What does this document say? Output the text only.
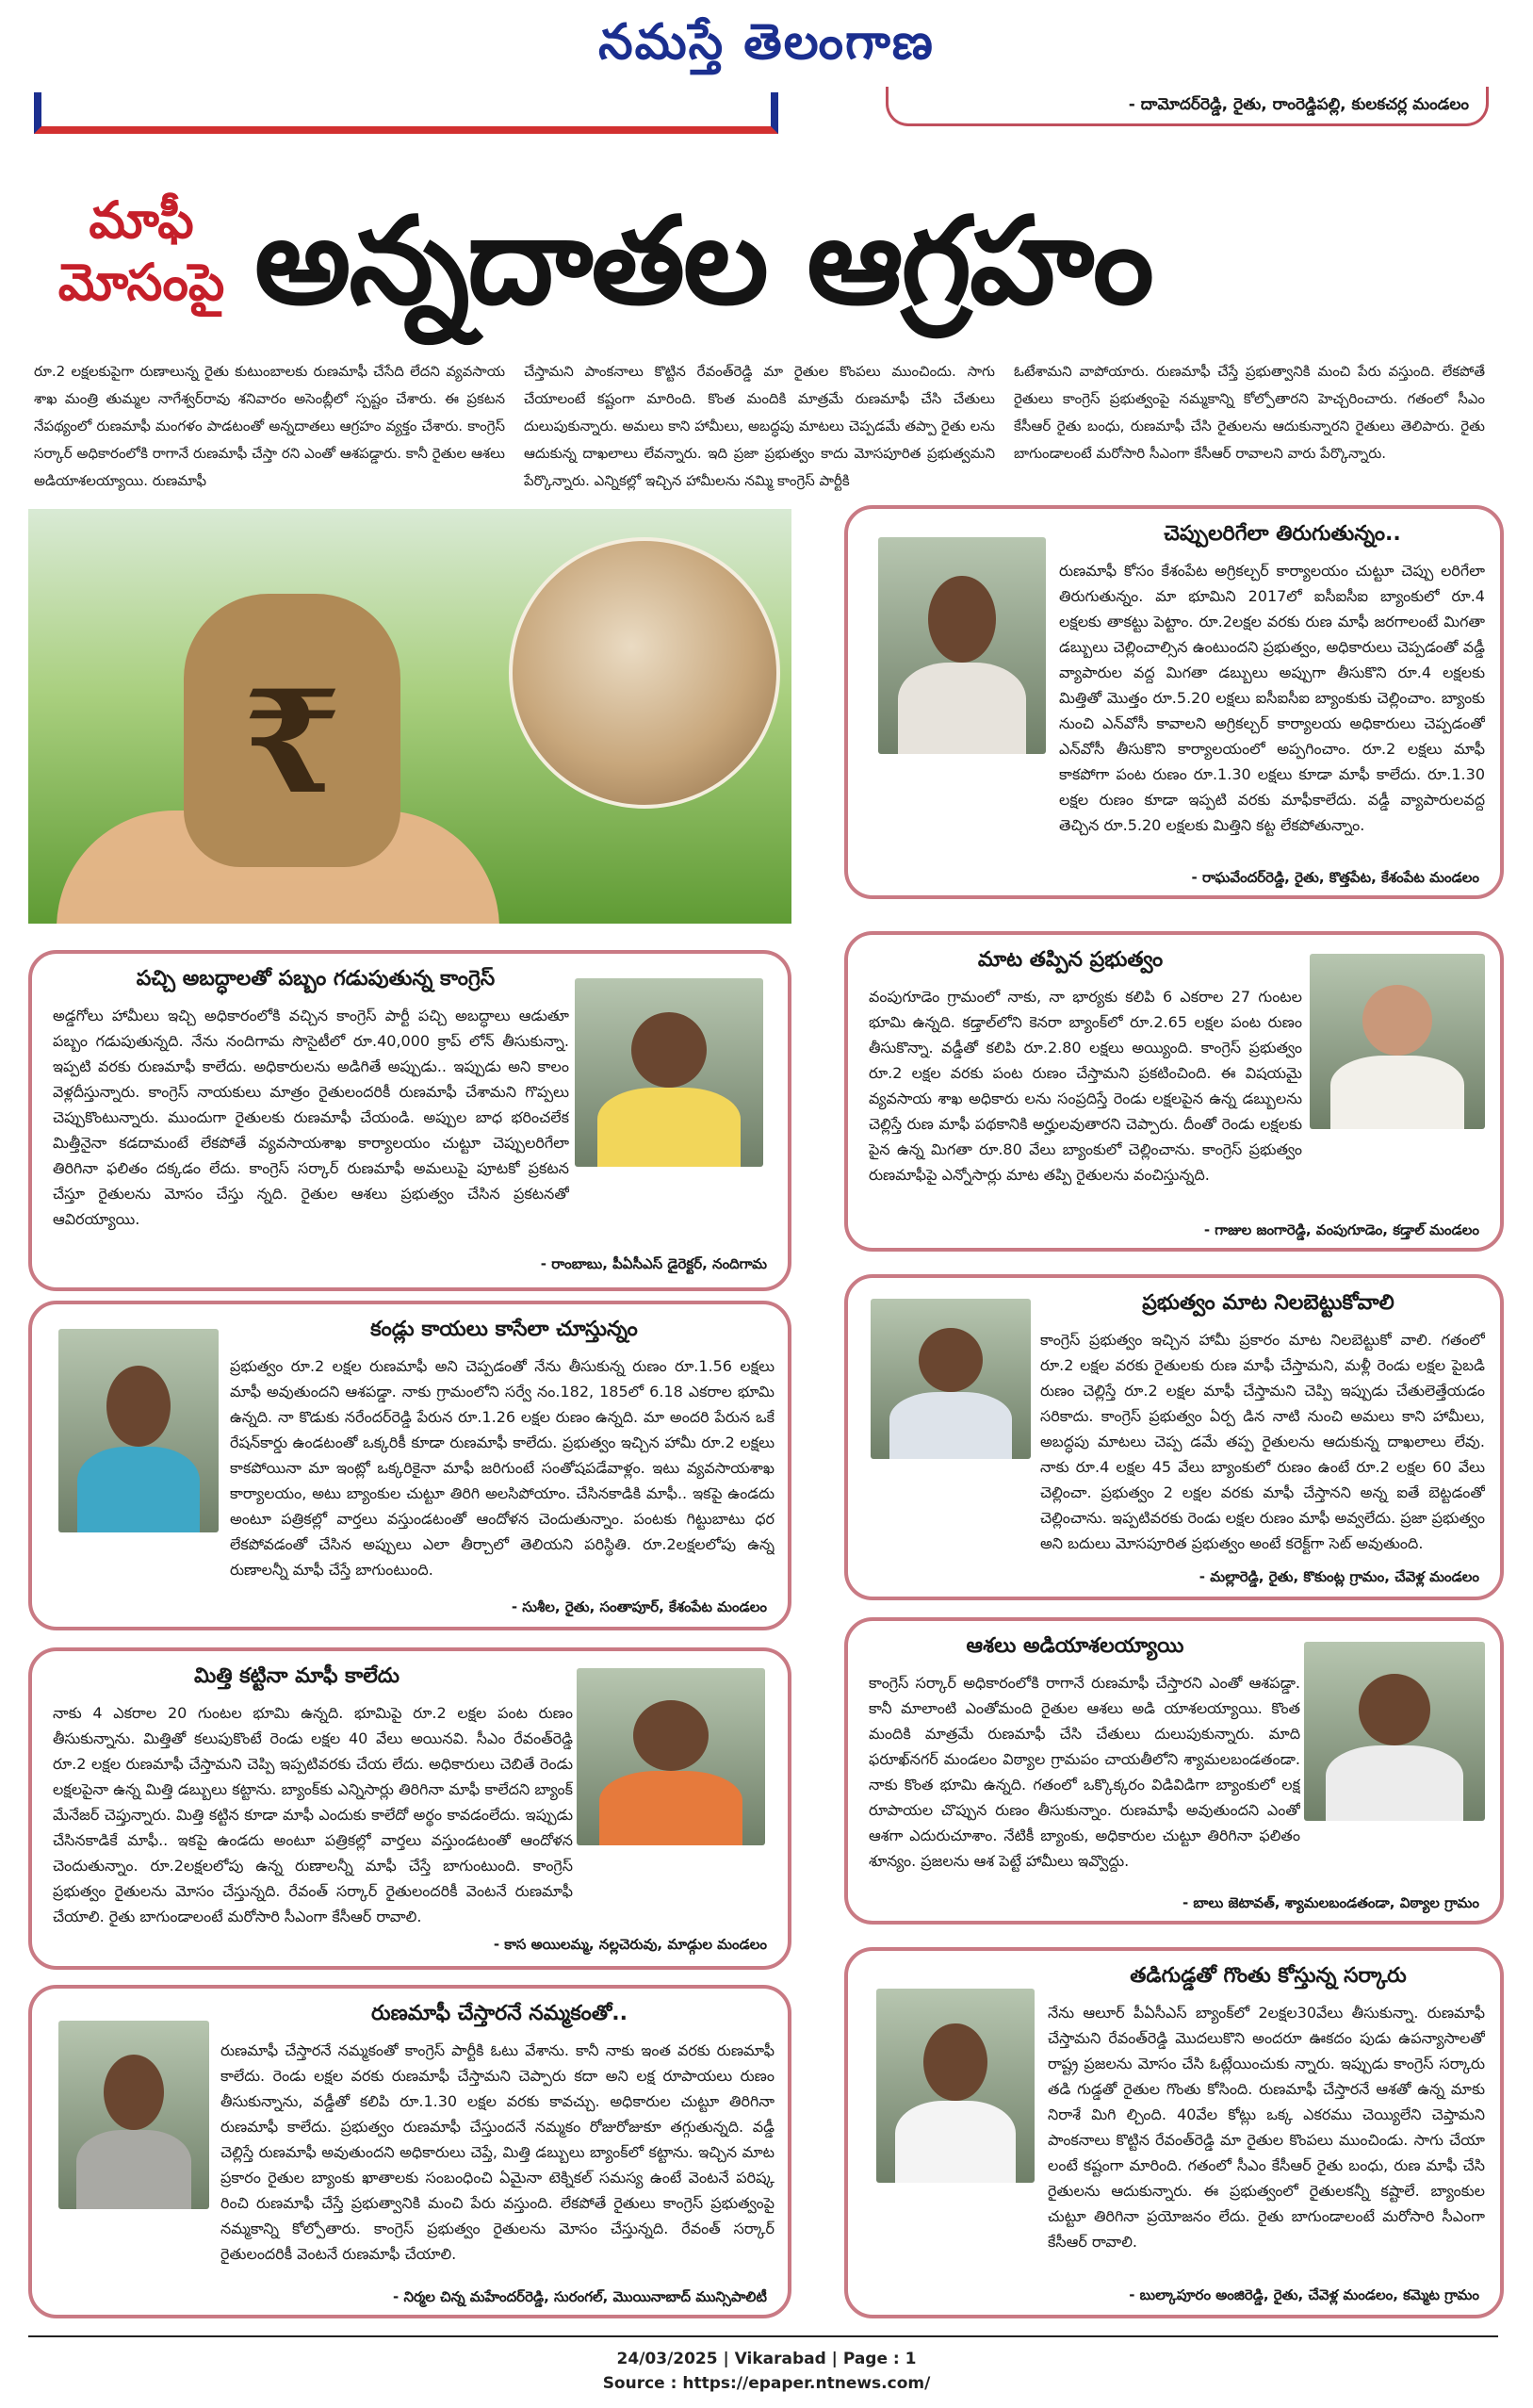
నమస్తే తెలంగాణ
- దామోదర్‌రెడ్డి, రైతు, రాంరెడ్డిపల్లి, కులకచర్ల మండలం
మాఫీ
మోసంపై అన్నదాతల ఆగ్రహం
రూ.2 లక్షలకుపైగా రుణాలున్న రైతు కుటుంబాలకు రుణమాఫీ చేసేది లేదని వ్యవసాయ శాఖ మంత్రి తుమ్మల నాగేశ్వర్‌రావు శనివారం అసెంబ్లీలో స్పష్టం చేశారు. ఈ ప్రకటన నేపథ్యంలో రుణమాఫీ మంగళం పాడటంతో అన్నదాతలు ఆగ్రహం వ్యక్తం చేశారు. కాంగ్రెస్ సర్కార్ అధికారంలోకి రాగానే రుణమాఫీ చేస్తా రని ఎంతో ఆశపడ్డారు. కానీ రైతుల ఆశలు అడియాశలయ్యాయి. రుణమాఫీ
చేస్తామని పాంకనాలు కొట్టిన రేవంత్‌రెడ్డి మా రైతుల కొంపలు ముంచిందు. సాగు చేయాలంటే కష్టంగా మారింది. కొంత మందికి మాత్రమే రుణమాఫీ చేసి చేతులు దులుపుకున్నారు. అమలు కాని హామీలు, అబద్ధపు మాటలు చెప్పడమే తప్పా రైతు లను ఆదుకున్న దాఖలాలు లేవన్నారు. ఇది ప్రజా ప్రభుత్వం కాదు మోసపూరిత ప్రభుత్వమని పేర్కొన్నారు. ఎన్నికల్లో ఇచ్చిన హామీలను నమ్మి కాంగ్రెస్ పార్టీకి
ఓటేశామని వాపోయారు. రుణమాఫీ చేస్తే ప్రభుత్వానికి మంచి పేరు వస్తుంది. లేకపోతే రైతులు కాంగ్రెస్ ప్రభుత్వంపై నమ్మకాన్ని కోల్పోతారని హెచ్చరించారు. గతంలో సీఎం కేసీఆర్ రైతు బంధు, రుణమాఫీ చేసి రైతులను ఆదుకున్నారని రైతులు తెలిపారు. రైతు బాగుండాలంటే మరోసారి సీఎంగా కేసీఆర్ రావాలని వారు పేర్కొన్నారు.
₹
చెప్పులరిగేలా తిరుగుతున్నం..
రుణమాఫీ కోసం కేశంపేట అగ్రికల్చర్ కార్యాలయం చుట్టూ చెప్పు లరిగేలా తిరుగుతున్నం. మా భూమిని 2017లో ఐసీఐసీఐ బ్యాంకులో రూ.4 లక్షలకు తాకట్టు పెట్టాం. రూ.2లక్షల వరకు రుణ మాఫీ జరగాలంటే మిగతా డబ్బులు చెల్లించాల్సిన ఉంటుందని ప్రభుత్వం, అధికారులు చెప్పడంతో వడ్డీ వ్యాపారుల వద్ద మిగతా డబ్బులు అప్పుగా తీసుకొని రూ.4 లక్షలకు మిత్తితో మొత్తం రూ.5.20 లక్షలు ఐసీఐసీఐ బ్యాంకుకు చెల్లించాం. బ్యాంకు నుంచి ఎన్‌వోసీ కావాలని అగ్రికల్చర్ కార్యాలయ అధికారులు చెప్పడంతో ఎన్‌వోసీ తీసుకొని కార్యాలయంలో అప్పగించాం. రూ.2 లక్షలు మాఫీ కాకపోగా పంట రుణం రూ.1.30 లక్షలు కూడా మాఫీ కాలేదు. రూ.1.30 లక్షల రుణం కూడా ఇప్పటి వరకు మాఫీకాలేదు. వడ్డీ వ్యాపారులవద్ద తెచ్చిన రూ.5.20 లక్షలకు మిత్తిని కట్ట లేకపోతున్నాం.
- రాఘవేందర్‌రెడ్డి, రైతు, కొత్తపేట, కేశంపేట మండలం
మాట తప్పిన ప్రభుత్వం
వంపుగూడెం గ్రామంలో నాకు, నా భార్యకు కలిపి 6 ఎకరాల 27 గుంటల భూమి ఉన్నది. కడ్తాల్‌లోని కెనరా బ్యాంక్‌లో రూ.2.65 లక్షల పంట రుణం తీసుకొన్నా. వడ్డీతో కలిపి రూ.2.80 లక్షలు అయ్యింది. కాంగ్రెస్ ప్రభుత్వం రూ.2 లక్షల వరకు పంట రుణం చేస్తామని ప్రకటించింది. ఈ విషయమై వ్యవసాయ శాఖ అధికారు లను సంప్రదిస్తే రెండు లక్షలపైన ఉన్న డబ్బులను చెల్లిస్తే రుణ మాఫీ పథకానికి అర్హులవుతారని చెప్పారు. దీంతో రెండు లక్షలకు పైన ఉన్న మిగతా రూ.80 వేలు బ్యాంకులో చెల్లించాను. కాంగ్రెస్ ప్రభుత్వం రుణమాఫీపై ఎన్నోసార్లు మాట తప్పి రైతులను వంచిస్తున్నది.
- గాజుల జంగారెడ్డి, వంపుగూడెం, కడ్తాల్ మండలం
పచ్చి అబద్ధాలతో పబ్బం గడుపుతున్న కాంగ్రెస్
అడ్డగోలు హామీలు ఇచ్చి అధికారంలోకి వచ్చిన కాంగ్రెస్ పార్టీ పచ్చి అబద్ధాలు ఆడుతూ పబ్బం గడుపుతున్నది. నేను నందిగామ సొసైటీలో రూ.40,000 క్రాప్ లోన్ తీసుకున్నా. ఇప్పటి వరకు రుణమాఫీ కాలేదు. అధికారులను అడిగితే అప్పుడు.. ఇప్పుడు అని కాలం వెళ్లదీస్తున్నారు. కాంగ్రెస్ నాయకులు మాత్రం రైతులందరికీ రుణమాఫీ చేశామని గొప్పలు చెప్పుకొంటున్నారు. ముందుగా రైతులకు రుణమాఫీ చేయండి. అప్పుల బాధ భరించలేక మిత్తీనైనా కడదామంటే లేకపోతే వ్యవసాయశాఖ కార్యాలయం చుట్టూ చెప్పులరిగేలా తిరిగినా ఫలితం దక్కడం లేదు. కాంగ్రెస్ సర్కార్ రుణమాఫీ అమలుపై పూటకో ప్రకటన చేస్తూ రైతులను మోసం చేస్తు న్నది. రైతుల ఆశలు ప్రభుత్వం చేసిన ప్రకటనతో ఆవిరయ్యాయి.
- రాంబాబు, పీఏసీఎస్ డైరెక్టర్, నందిగామ
ప్రభుత్వం మాట నిలబెట్టుకోవాలి
కాంగ్రెస్ ప్రభుత్వం ఇచ్చిన హామీ ప్రకారం మాట నిలబెట్టుకో వాలి. గతంలో రూ.2 లక్షల వరకు రైతులకు రుణ మాఫీ చేస్తామని, మళ్లీ రెండు లక్షల పైబడి రుణం చెల్లిస్తే రూ.2 లక్షల మాఫీ చేస్తామని చెప్పి ఇప్పుడు చేతులెత్తేయడం సరికాదు. కాంగ్రెస్ ప్రభుత్వం ఏర్ప డిన నాటి నుంచి అమలు కాని హామీలు, అబద్ధపు మాటలు చెప్ప డమే తప్ప రైతులను ఆదుకున్న దాఖలాలు లేవు. నాకు రూ.4 లక్షల 45 వేలు బ్యాంకులో రుణం ఉంటే రూ.2 లక్షల 60 వేలు చెల్లించా. ప్రభుత్వం 2 లక్షల వరకు మాఫీ చేస్తానని అన్న ఐతే బెట్టడంతో చెల్లించాను. ఇప్పటివరకు రెండు లక్షల రుణం మాఫీ అవ్వలేదు. ప్రజా ప్రభుత్వం అని బదులు మోసపూరిత ప్రభుత్వం అంటే కరెక్ట్‌గా సెట్ అవుతుంది.
- మల్లారెడ్డి, రైతు, కొకుంట్ల గ్రామం, చేవెళ్ల మండలం
కండ్లు కాయలు కాసేలా చూస్తున్నం
ప్రభుత్వం రూ.2 లక్షల రుణమాఫీ అని చెప్పడంతో నేను తీసుకున్న రుణం రూ.1.56 లక్షలు మాఫీ అవుతుందని ఆశపడ్డా. నాకు గ్రామంలోని సర్వే నం.182, 185లో 6.18 ఎకరాల భూమి ఉన్నది. నా కొడుకు నరేందర్‌రెడ్డి పేరున రూ.1.26 లక్షల రుణం ఉన్నది. మా అందరి పేరున ఒకే రేషన్‌కార్డు ఉండటంతో ఒక్కరికీ కూడా రుణమాఫీ కాలేదు. ప్రభుత్వం ఇచ్చిన హామీ రూ.2 లక్షలు కాకపోయినా మా ఇంట్లో ఒక్కరికైనా మాఫీ జరిగుంటే సంతోషపడేవాళ్లం. ఇటు వ్యవసాయశాఖ కార్యాలయం, అటు బ్యాంకుల చుట్టూ తిరిగి అలసిపోయాం. చేసినకాడికి మాఫీ.. ఇకపై ఉండదు అంటూ పత్రికల్లో వార్తలు వస్తుండటంతో ఆందోళన చెందుతున్నాం. పంటకు గిట్టుబాటు ధర లేకపోవడంతో చేసిన అప్పులు ఎలా తీర్చాలో తెలియని పరిస్థితి. రూ.2లక్షలలోపు ఉన్న రుణాలన్నీ మాఫీ చేస్తే బాగుంటుంది.
- సుశీల, రైతు, సంతాపూర్, కేశంపేట మండలం
ఆశలు అడియాశలయ్యాయి
కాంగ్రెస్ సర్కార్ అధికారంలోకి రాగానే రుణమాఫీ చేస్తారని ఎంతో ఆశపడ్డా. కానీ మాలాంటి ఎంతోమంది రైతుల ఆశలు అడి యాశలయ్యాయి. కొంత మందికి మాత్రమే రుణమాఫీ చేసి చేతులు దులుపుకున్నారు. మాది ఫరూఖ్‌నగర్ మండలం విఠ్యాల గ్రామపం చాయతీలోని శ్యామలబండతండా. నాకు కొంత భూమి ఉన్నది. గతంలో ఒక్కొక్కరం విడివిడిగా బ్యాంకులో లక్ష రూపాయల చొప్పున రుణం తీసుకున్నాం. రుణమాఫీ అవుతుందని ఎంతో ఆశగా ఎదురుచూశాం. నేటికీ బ్యాంకు, అధికారుల చుట్టూ తిరిగినా ఫలితం శూన్యం. ప్రజలను ఆశ పెట్టే హామీలు ఇవ్వొద్దు.
- బాలు జెటావత్, శ్యామలబండతండా, విఠ్యాల గ్రామం
మిత్తి కట్టినా మాఫీ కాలేదు
నాకు 4 ఎకరాల 20 గుంటల భూమి ఉన్నది. భూమిపై రూ.2 లక్షల పంట రుణం తీసుకున్నాను. మిత్తితో కలుపుకొంటే రెండు లక్షల 40 వేలు అయినవి. సీఎం రేవంత్‌రెడ్డి రూ.2 లక్షల రుణమాఫీ చేస్తామని చెప్పి ఇప్పటివరకు చేయ లేదు. అధికారులు చెబితే రెండు లక్షలపైనా ఉన్న మిత్తి డబ్బులు కట్టాను. బ్యాంక్‌కు ఎన్నిసార్లు తిరిగినా మాఫీ కాలేదని బ్యాంక్ మేనేజర్ చెప్తున్నారు. మిత్తి కట్టిన కూడా మాఫీ ఎందుకు కాలేదో అర్థం కావడంలేదు. ఇప్పుడు చేసినకాడికే మాఫీ.. ఇకపై ఉండదు అంటూ పత్రికల్లో వార్తలు వస్తుండటంతో ఆందోళన చెందుతున్నాం. రూ.2లక్షలలోపు ఉన్న రుణాలన్నీ మాఫీ చేస్తే బాగుంటుంది. కాంగ్రెస్ ప్రభుత్వం రైతులను మోసం చేస్తున్నది. రేవంత్ సర్కార్ రైతులందరికీ వెంటనే రుణమాఫీ చేయాలి. రైతు బాగుండాలంటే మరోసారి సీఎంగా కేసీఆర్ రావాలి.
- కాస అయిలమ్మ, నల్లచెరువు, మాడ్గుల మండలం
తడిగుడ్డతో గొంతు కోస్తున్న సర్కారు
నేను ఆలూర్ పీఏసీఎస్ బ్యాంక్‌లో 2లక్షల30వేలు తీసుకున్నా. రుణమాఫీ చేస్తామని రేవంత్‌రెడ్డి మొదలుకొని అందరూ ఊకదం పుడు ఉపన్యాసాలతో రాష్ట్ర ప్రజలను మోసం చేసి ఓట్లేయించుకు న్నారు. ఇప్పుడు కాంగ్రెస్ సర్కారు తడి గుడ్డతో రైతుల గొంతు కోసింది. రుణమాఫీ చేస్తారనే ఆశతో ఉన్న మాకు నిరాశే మిగి ల్చింది. 40వేల కోట్లు ఒక్క ఎకరము చెయ్యిలేని చెప్తామని పాంకనాలు కొట్టిన రేవంత్‌రెడ్డి మా రైతుల కొంపలు ముంచిండు. సాగు చేయా లంటే కష్టంగా మారింది. గతంలో సీఎం కేసీఆర్ రైతు బంధు, రుణ మాఫీ చేసి రైతులను ఆదుకున్నారు. ఈ ప్రభుత్వంలో రైతులకన్నీ కష్టాలే. బ్యాంకుల చుట్టూ తిరిగినా ప్రయోజనం లేదు. రైతు బాగుండాలంటే మరోసారి సీఎంగా కేసీఆర్ రావాలి.
- బుల్కాపూరం అంజిరెడ్డి, రైతు, చేవెళ్ల మండలం, కమ్మెట గ్రామం
రుణమాఫీ చేస్తారనే నమ్మకంతో..
రుణమాఫీ చేస్తారనే నమ్మకంతో కాంగ్రెస్ పార్టీకి ఓటు వేశాను. కానీ నాకు ఇంత వరకు రుణమాఫీ కాలేదు. రెండు లక్షల వరకు రుణమాఫీ చేస్తామని చెప్పారు కదా అని లక్ష రూపాయలు రుణం తీసుకున్నాను, వడ్డీతో కలిపి రూ.1.30 లక్షల వరకు కావచ్చు. అధికారుల చుట్టూ తిరిగినా రుణమాఫీ కాలేదు. ప్రభుత్వం రుణమాఫీ చేస్తుందనే నమ్మకం రోజురోజుకూ తగ్గుతున్నది. వడ్డీ చెల్లిస్తే రుణమాఫీ అవుతుందని అధికారులు చెప్తే, మిత్తి డబ్బులు బ్యాంక్‌లో కట్టాను. ఇచ్చిన మాట ప్రకారం రైతుల బ్యాంకు ఖాతాలకు సంబంధించి ఏమైనా టెక్నికల్ సమస్య ఉంటే వెంటనే పరిష్క రించి రుణమాఫీ చేస్తే ప్రభుత్వానికి మంచి పేరు వస్తుంది. లేకపోతే రైతులు కాంగ్రెస్ ప్రభుత్వంపై నమ్మకాన్ని కోల్పోతారు. కాంగ్రెస్ ప్రభుత్వం రైతులను మోసం చేస్తున్నది. రేవంత్ సర్కార్ రైతులందరికీ వెంటనే రుణమాఫీ చేయాలి.
- నిర్మల చిన్న మహేందర్‌రెడ్డి, సురంగల్, మొయినాబాద్ మున్సిపాలిటీ
24/03/2025 | Vikarabad | Page : 1
Source : https://epaper.ntnews.com/
